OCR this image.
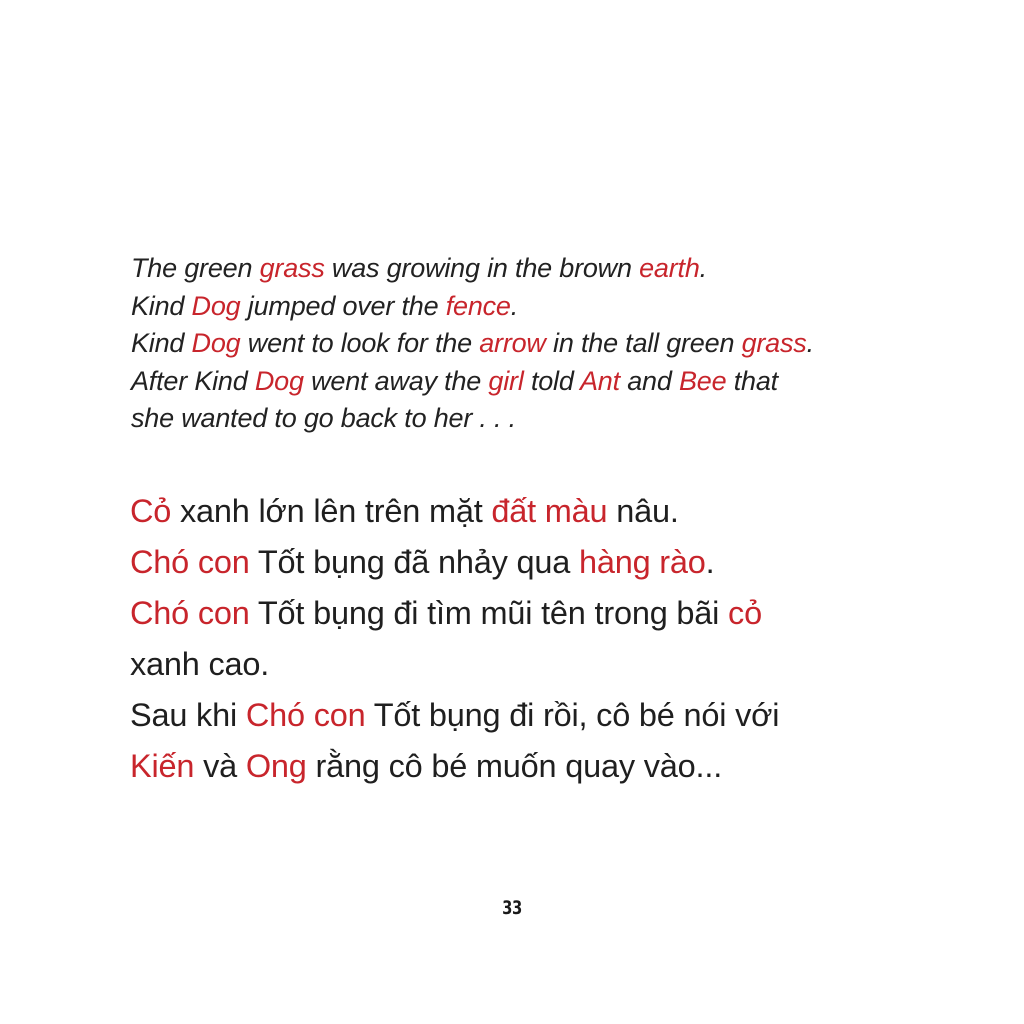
The green grass was growing in the brown earth.
Kind Dog jumped over the fence.
Kind Dog went to look for the arrow in the tall green grass.
After Kind Dog went away the girl told Ant and Bee that
she wanted to go back to her . . .
Cỏ xanh lớn lên trên mặt đất màu nâu.
Chó con Tốt bụng đã nhảy qua hàng rào.
Chó con Tốt bụng đi tìm mũi tên trong bãi cỏ
xanh cao.
Sau khi Chó con Tốt bụng đi rồi, cô bé nói với
Kiến và Ong rằng cô bé muốn quay vào...
33
